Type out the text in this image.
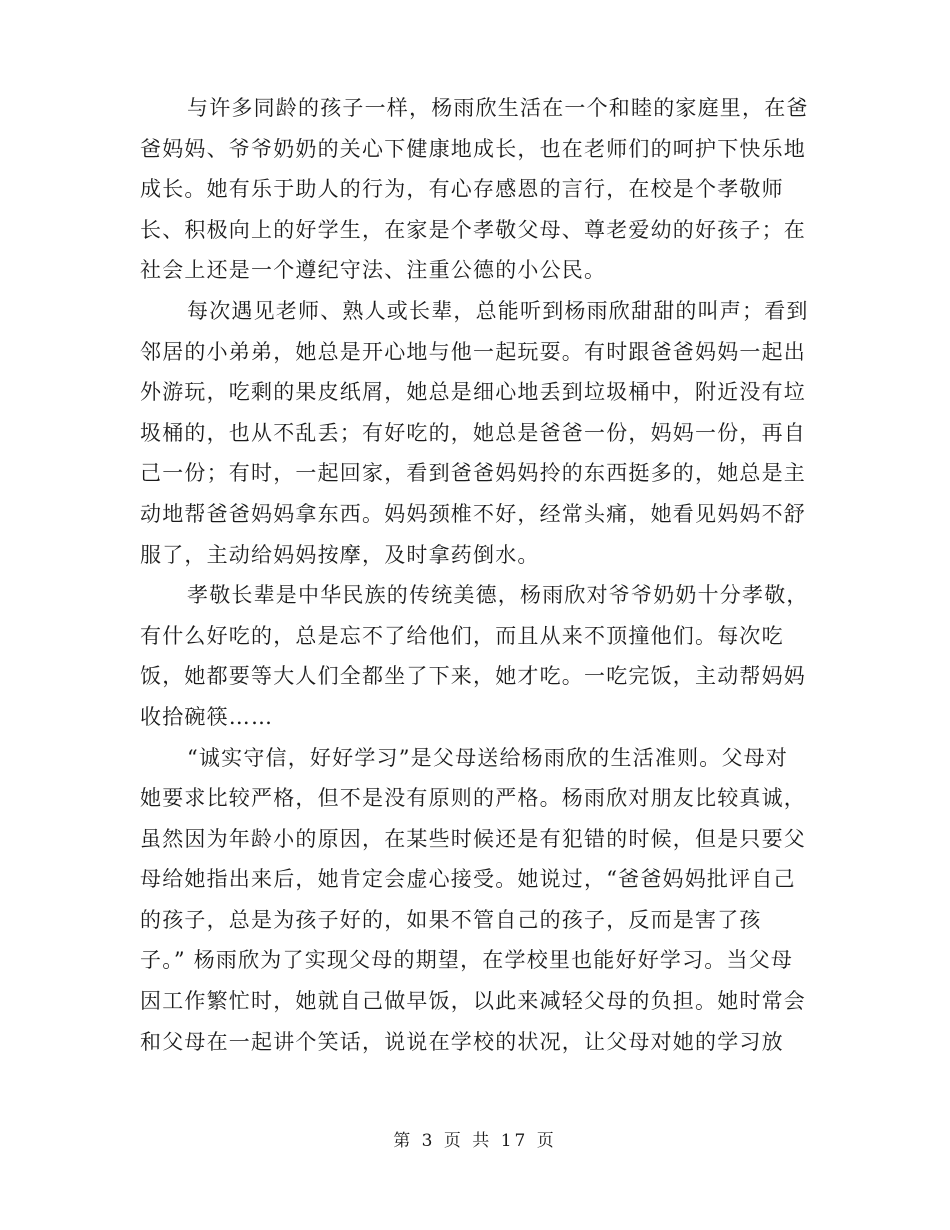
与许多同龄的孩子一样，杨雨欣生活在一个和睦的家庭里，在爸
爸妈妈、爷爷奶奶的关心下健康地成长，也在老师们的呵护下快乐地
成长。她有乐于助人的行为，有心存感恩的言行，在校是个孝敬师
长、积极向上的好学生，在家是个孝敬父母、尊老爱幼的好孩子；在
社会上还是一个遵纪守法、注重公德的小公民。
每次遇见老师、熟人或长辈，总能听到杨雨欣甜甜的叫声；看到
邻居的小弟弟，她总是开心地与他一起玩耍。有时跟爸爸妈妈一起出
外游玩，吃剩的果皮纸屑，她总是细心地丢到垃圾桶中，附近没有垃
圾桶的，也从不乱丢；有好吃的，她总是爸爸一份，妈妈一份，再自
己一份；有时，一起回家，看到爸爸妈妈拎的东西挺多的，她总是主
动地帮爸爸妈妈拿东西。妈妈颈椎不好，经常头痛，她看见妈妈不舒
服了，主动给妈妈按摩，及时拿药倒水。
孝敬长辈是中华民族的传统美德，杨雨欣对爷爷奶奶十分孝敬，
有什么好吃的，总是忘不了给他们，而且从来不顶撞他们。每次吃
饭，她都要等大人们全都坐了下来，她才吃。一吃完饭，主动帮妈妈
收拾碗筷……
“诚实守信，好好学习”是父母送给杨雨欣的生活准则。父母对
她要求比较严格，但不是没有原则的严格。杨雨欣对朋友比较真诚，
虽然因为年龄小的原因，在某些时候还是有犯错的时候，但是只要父
母给她指出来后，她肯定会虚心接受。她说过，“爸爸妈妈批评自己
的孩子，总是为孩子好的，如果不管自己的孩子，反而是害了孩
子。” 杨雨欣为了实现父母的期望，在学校里也能好好学习。当父母
因工作繁忙时，她就自己做早饭，以此来减轻父母的负担。她时常会
和父母在一起讲个笑话，说说在学校的状况，让父母对她的学习放
第 3 页 共 17 页
